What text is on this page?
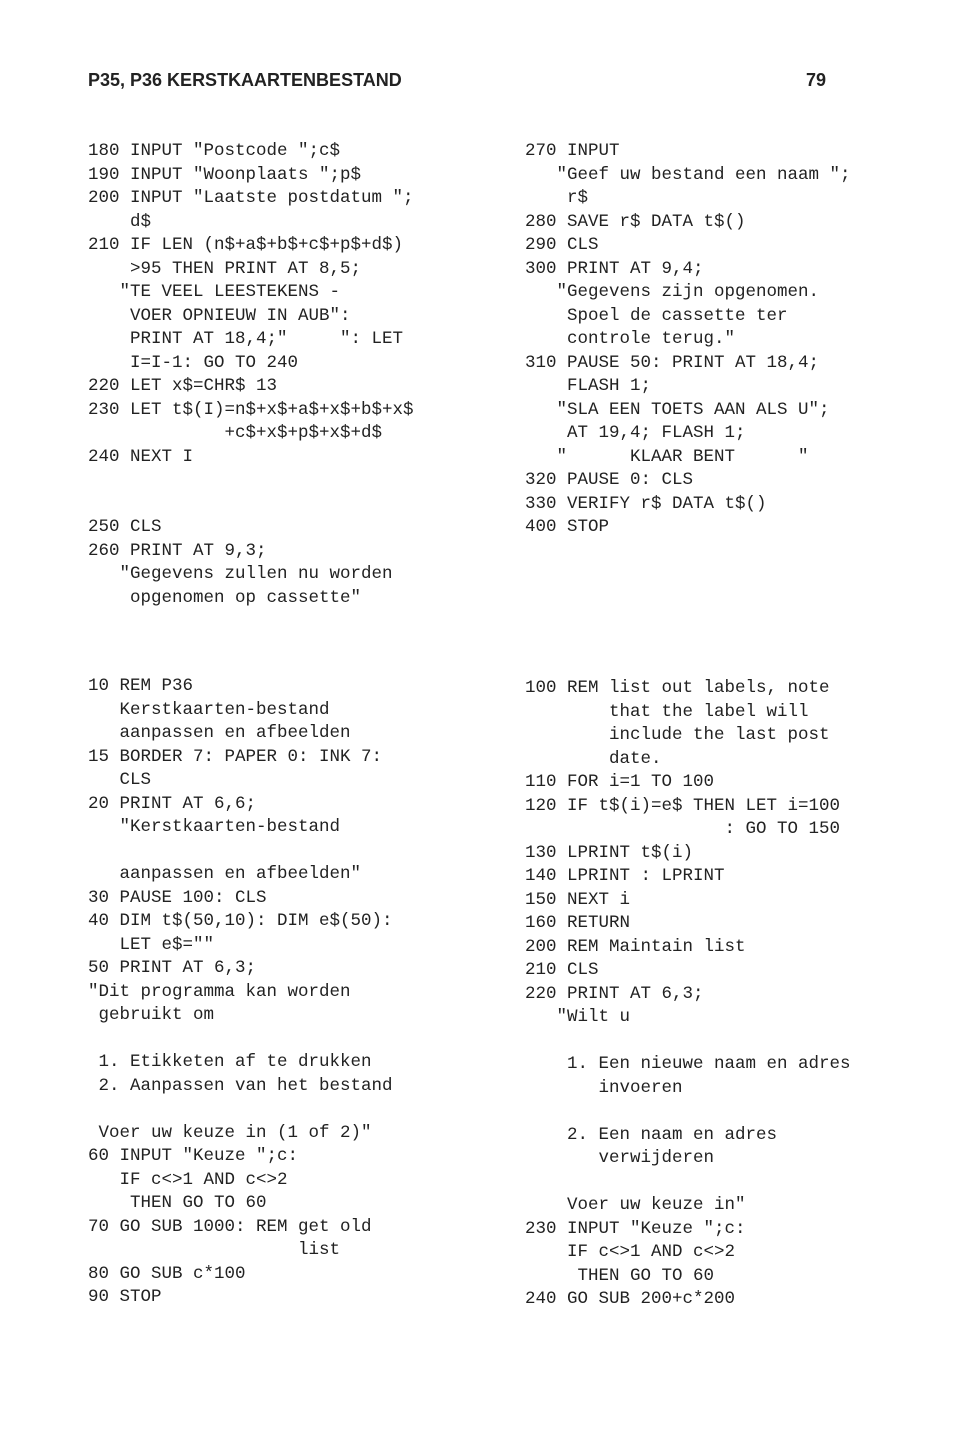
P35, P36 KERSTKAARTENBESTAND	79
180 INPUT "Postcode ";c$
190 INPUT "Woonplaats ";p$
200 INPUT "Laatste postdatum ";
d$
210 IF LEN (n$+a$+b$+c$+p$+d$)
>95 THEN PRINT AT 8,5;
"TE VEEL LEESTEKENS -
VOER OPNIEUW IN AUB":
PRINT AT 18,4;"     ": LET
I=I-1: GO TO 240
220 LET x$=CHR$ 13
230 LET t$(I)=n$+x$+a$+x$+b$+x$
+c$+x$+p$+x$+d$
240 NEXT I

250 CLS
260 PRINT AT 9,3;
"Gegevens zullen nu worden
opgenomen op cassette"
270 INPUT
"Geef uw bestand een naam ";
r$
280 SAVE r$ DATA t$()
290 CLS
300 PRINT AT 9,4;
"Gegevens zijn opgenomen.
Spoel de cassette ter
controle terug."
310 PAUSE 50: PRINT AT 18,4;
FLASH 1;
"SLA EEN TOETS AAN ALS U";
AT 19,4; FLASH 1;
"      KLAAR BENT      "
320 PAUSE 0: CLS
330 VERIFY r$ DATA t$()
400 STOP
10 REM P36
Kerstkaarten-bestand
aanpassen en afbeelden
15 BORDER 7: PAPER 0: INK 7:
CLS
20 PRINT AT 6,6;
"Kerstkaarten-bestand

aanpassen en afbeelden"
30 PAUSE 100: CLS
40 DIM t$(50,10): DIM e$(50):
LET e$=""
50 PRINT AT 6,3;
"Dit programma kan worden
gebruikt om

1. Etikketen af te drukken
2. Aanpassen van het bestand

Voer uw keuze in (1 of 2)"
60 INPUT "Keuze ";c:
IF c<>1 AND c<>2
THEN GO TO 60
70 GO SUB 1000: REM get old
list
80 GO SUB c*100
90 STOP
100 REM list out labels, note
that the label will
include the last post
date.
110 FOR i=1 TO 100
120 IF t$(i)=e$ THEN LET i=100
: GO TO 150
130 LPRINT t$(i)
140 LPRINT : LPRINT
150 NEXT i
160 RETURN
200 REM Maintain list
210 CLS
220 PRINT AT 6,3;
"Wilt u

1. Een nieuwe naam en adres
invoeren

2. Een naam en adres
verwijderen

Voer uw keuze in"
230 INPUT "Keuze ";c:
IF c<>1 AND c<>2
THEN GO TO 60
240 GO SUB 200+c*200
